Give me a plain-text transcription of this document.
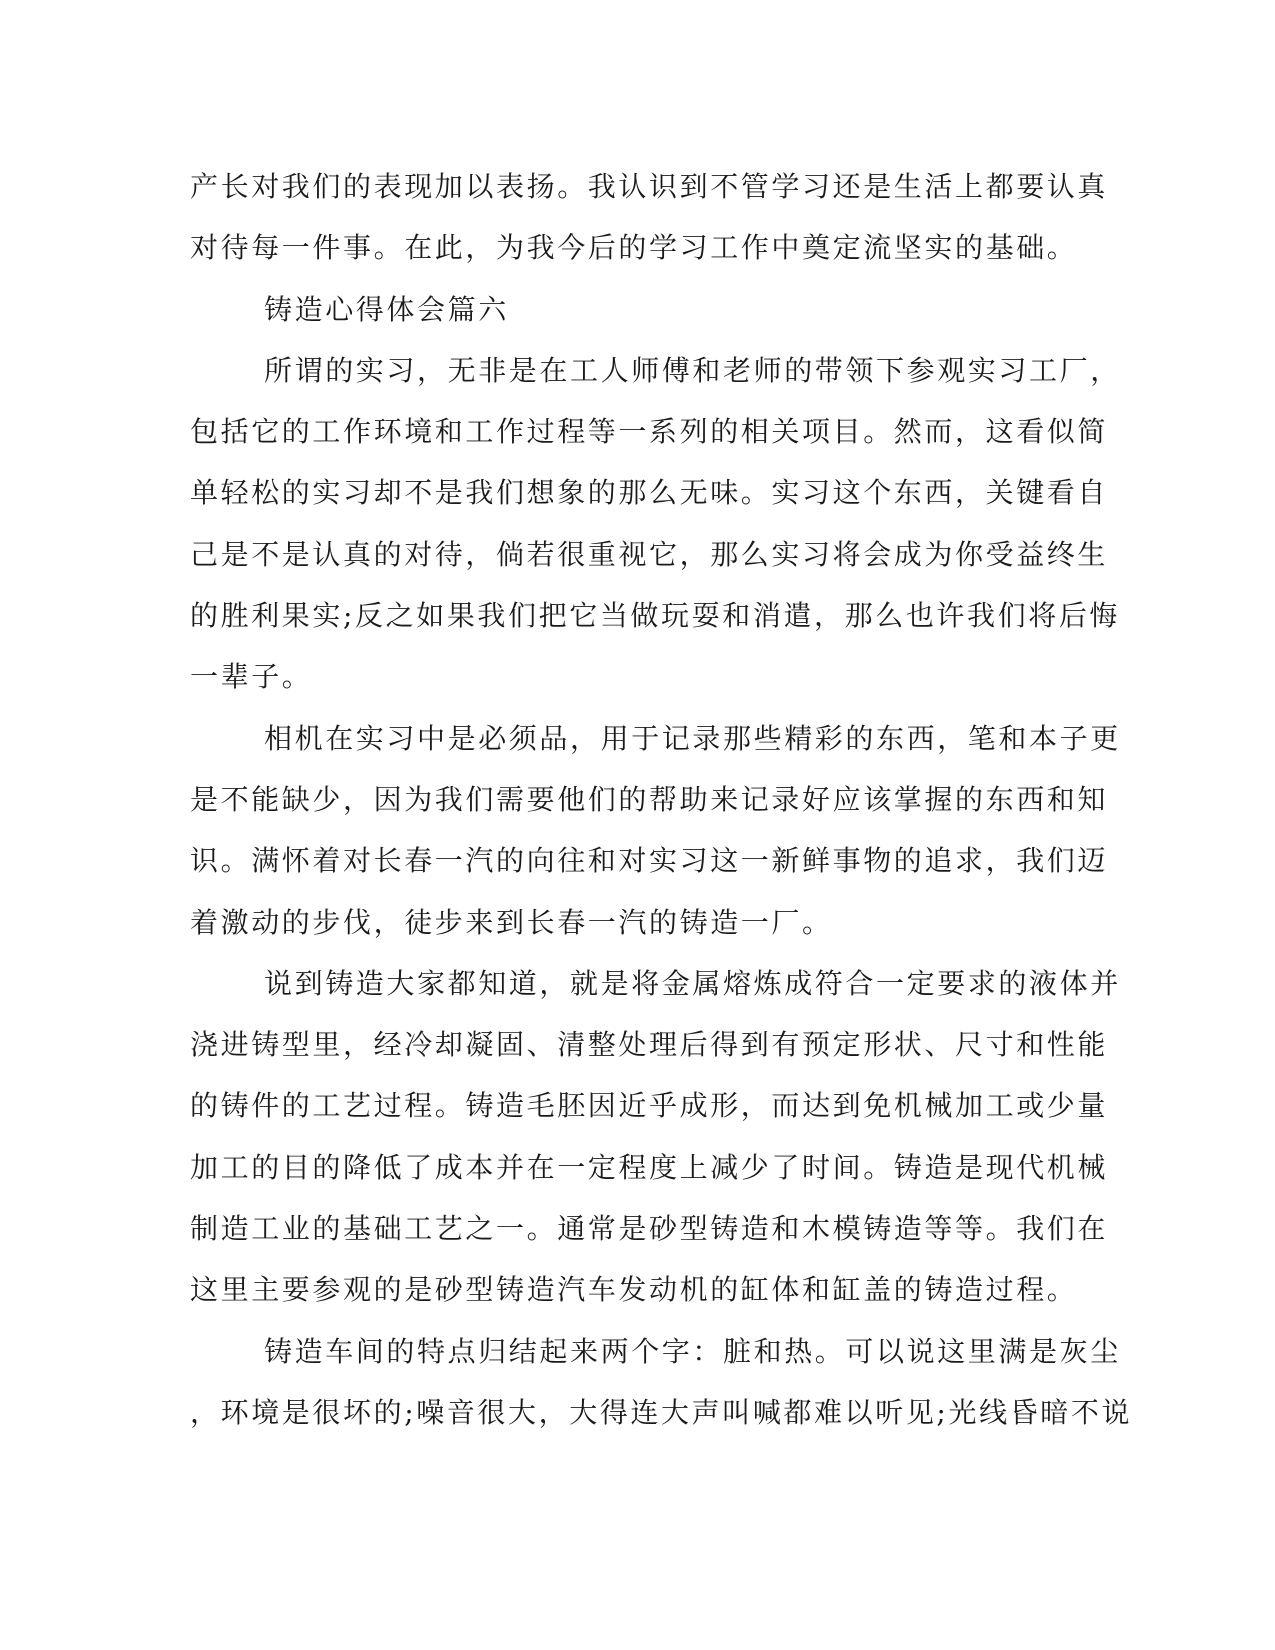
产长对我们的表现加以表扬。我认识到不管学习还是生活上都要认真
对待每一件事。在此，为我今后的学习工作中奠定流坚实的基础。
铸造心得体会篇六
所谓的实习，无非是在工人师傅和老师的带领下参观实习工厂，
包括它的工作环境和工作过程等一系列的相关项目。然而，这看似简
单轻松的实习却不是我们想象的那么无味。实习这个东西，关键看自
己是不是认真的对待，倘若很重视它，那么实习将会成为你受益终生
的胜利果实;反之如果我们把它当做玩耍和消遣，那么也许我们将后悔
一辈子。
相机在实习中是必须品，用于记录那些精彩的东西，笔和本子更
是不能缺少，因为我们需要他们的帮助来记录好应该掌握的东西和知
识。满怀着对长春一汽的向往和对实习这一新鲜事物的追求，我们迈
着激动的步伐，徒步来到长春一汽的铸造一厂。
说到铸造大家都知道，就是将金属熔炼成符合一定要求的液体并
浇进铸型里，经冷却凝固、清整处理后得到有预定形状、尺寸和性能
的铸件的工艺过程。铸造毛胚因近乎成形，而达到免机械加工或少量
加工的目的降低了成本并在一定程度上减少了时间。铸造是现代机械
制造工业的基础工艺之一。通常是砂型铸造和木模铸造等等。我们在
这里主要参观的是砂型铸造汽车发动机的缸体和缸盖的铸造过程。
铸造车间的特点归结起来两个字：脏和热。可以说这里满是灰尘
，环境是很坏的;噪音很大，大得连大声叫喊都难以听见;光线昏暗不说
